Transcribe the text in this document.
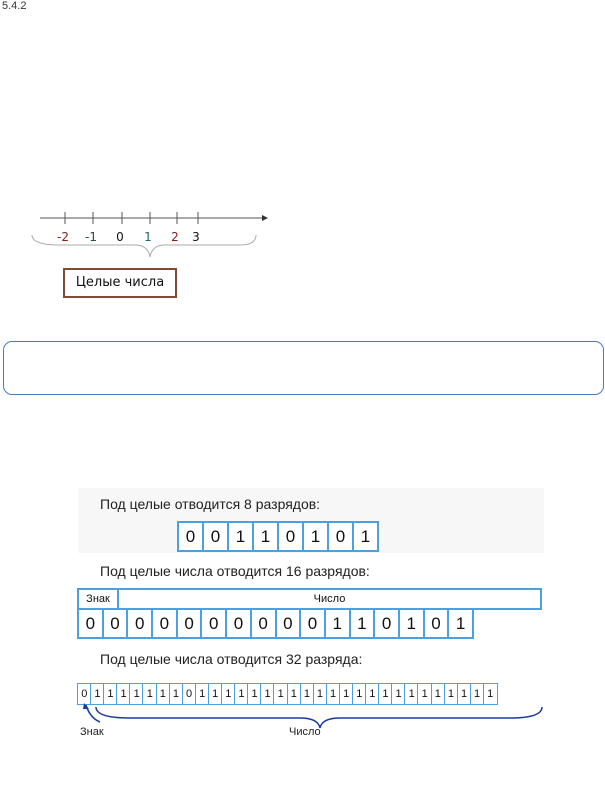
5.4.2
-2 -1 0 1 2 3
Целые числа
Под целые отводится 8 разрядов:
0 0 1 1 0 1 0 1
Под целые числа отводится 16 разрядов:
Знак	Число
0 0 0 0 0 0 0 0 0 0 1 1 0 1 0 1
Под целые числа отводится 32 разряда:
0 1 1 1 1 1 1 1 0 1 1 1 1 1 1 1 1 1 1 1 1 1 1 1 1 1 1 1 1 1 1 1
Знак	Число
